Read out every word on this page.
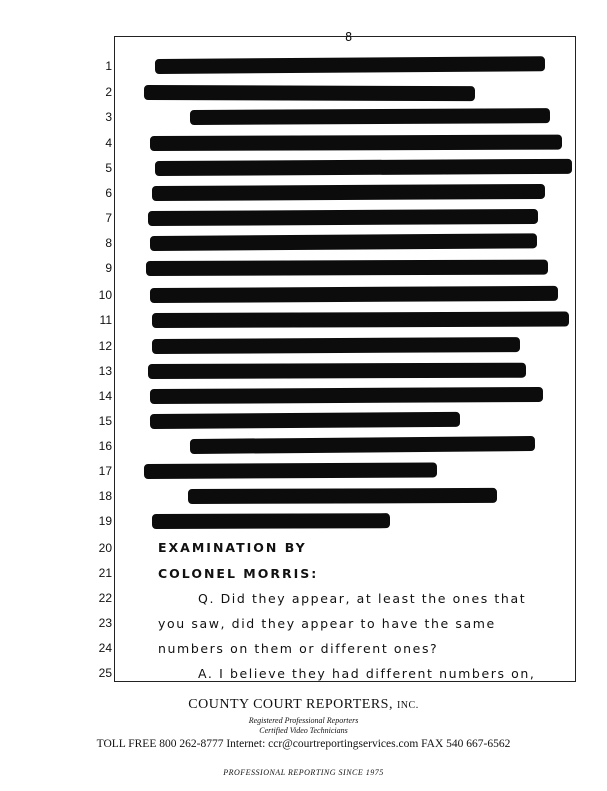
8
1
2
3
4
5
6
7
8
9
10
11
12
13
14
15
16
17
18
19
20
21
22
23
24
25
EXAMINATION BY
COLONEL MORRIS:
Q. Did they appear, at least the ones that
you saw, did they appear to have the same
numbers on them or different ones?
A. I believe they had different numbers on,
COUNTY COURT REPORTERS, INC.
Registered Professional Reporters
Certified Video Technicians
TOLL FREE 800 262-8777 Internet: ccr@courtreportingservices.com FAX 540 667-6562
PROFESSIONAL REPORTING SINCE 1975
